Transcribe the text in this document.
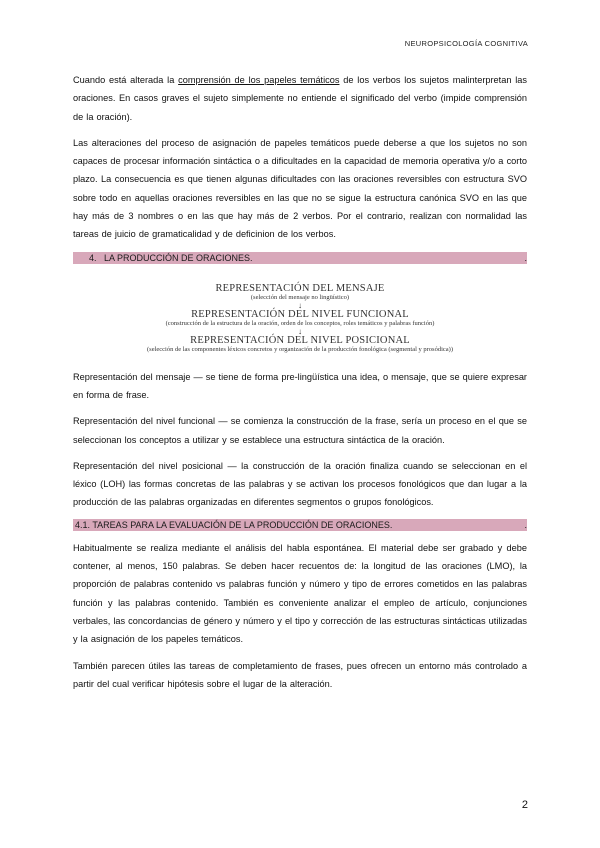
NEUROPSICOLOGÍA COGNITIVA

Cuando está alterada la comprensión de los papeles temáticos de los verbos los sujetos malinterpretan las oraciones. En casos graves el sujeto simplemente no entiende el significado del verbo (impide comprensión de la oración).

Las alteraciones del proceso de asignación de papeles temáticos puede deberse a que los sujetos no son capaces de procesar información sintáctica o a dificultades en la capacidad de memoria operativa y/o a corto plazo. La consecuencia es que tienen algunas dificultades con las oraciones reversibles con estructura SVO sobre todo en aquellas oraciones reversibles en las que no se sigue la estructura canónica SVO en las que hay más de 3 nombres o en las que hay más de 2 verbos. Por el contrario, realizan con normalidad las tareas de juicio de gramaticalidad y de deficinion de los verbos.

4. LA PRODUCCIÓN DE ORACIONES.	.
REPRESENTACIÓN DEL MENSAJE
(selección del mensaje no lingüístico)
↓
REPRESENTACIÓN DEL NIVEL FUNCIONAL
(construcción de la estructura de la oración, orden de los conceptos, roles temáticos y palabras función)
↓
REPRESENTACIÓN DEL NIVEL POSICIONAL
(selección de las componentes léxicos concretos y organización de la producción fonológica (segmental y prosódica))

Representación del mensaje — se tiene de forma pre-lingüística una idea, o mensaje, que se quiere expresar en forma de frase.

Representación del nivel funcional — se comienza la construcción de la frase, sería un proceso en el que se seleccionan los conceptos a utilizar y se establece una estructura sintáctica de la oración.

Representación del nivel posicional — la construcción de la oración finaliza cuando se seleccionan en el léxico (LOH) las formas concretas de las palabras y se activan los procesos fonológicos que dan lugar a la producción de las palabras organizadas en diferentes segmentos o grupos fonológicos.

4.1. TAREAS PARA LA EVALUACIÓN DE LA PRODUCCIÓN DE ORACIONES.	.

Habitualmente se realiza mediante el análisis del habla espontánea. El material debe ser grabado y debe contener, al menos, 150 palabras. Se deben hacer recuentos de: la longitud de las oraciones (LMO), la proporción de palabras contenido vs palabras función y número y tipo de errores cometidos en las palabras función y las palabras contenido. También es conveniente analizar el empleo de artículo, conjunciones verbales, las concordancias de género y número y el tipo y corrección de las estructuras sintácticas utilizadas y la asignación de los papeles temáticos.

También parecen útiles las tareas de completamiento de frases, pues ofrecen un entorno más controlado a partir del cual verificar hipótesis sobre el lugar de la alteración.

2
